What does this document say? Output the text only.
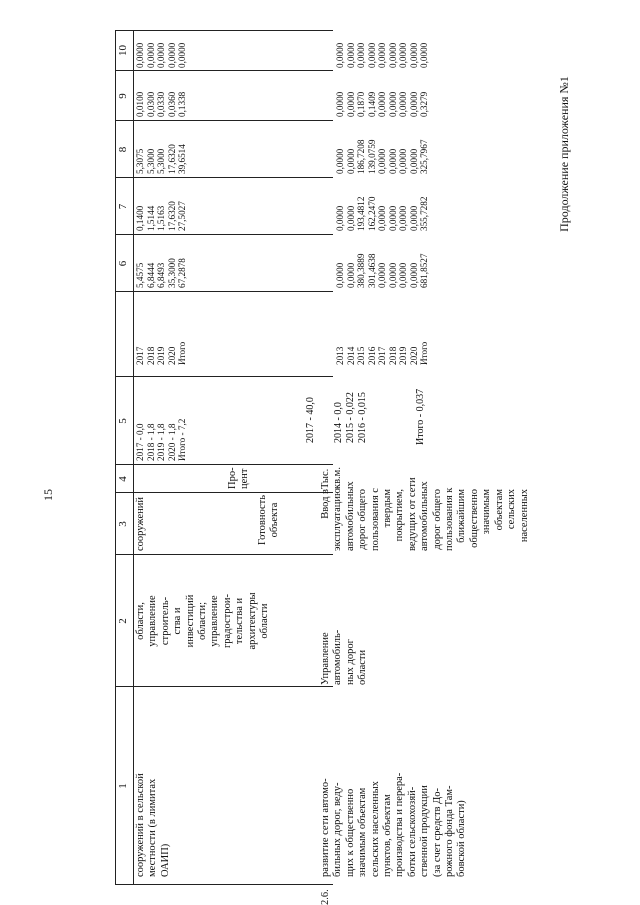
15
Продолжение приложения №1
1
2
3
4
5
6
7
8
9
10
сооружений в сельской
местности (в лимитах
ОАИП)
области,
управление
строитель-
ства и
инвестиций
области;
управление
градострои-
тельства и
архитектуры
области
сооружений
2017 - 0,0
2018 - 1,8
2019 - 1,8
2020 - 1,8
Итого - 7,2
2017
2018
2019
2020
Итого
5,4575
6,8444
6,8493
35,3000
67,2878
0,1400
1,5144
1,5163
17,6320
27,5027
5,3075
5,3000
5,3000
17,6320
39,6514
0,0100
0,0300
0,0330
0,0360
0,1338
0,0000
0,0000
0,0000
0,0000
0,0000
2.6.
развитие сети автомо-
бильных дорог, веду-
щих к общественно
значимым объектам
сельских населенных
пунктов, объектам
производства и перера-
ботки сельскохозяй-
ственной продукции
(за счет средств До-
рожного фонда Там-
бовской области)
Управление
автомобиль-
ных дорог
области
Готовность
объекта
Про-
цент
2017 - 40,0
Ввод в
эксплуатацию
автомобильных
дорог общего
пользования с
твердым
покрытием,
ведущих от сети
автомобильных
дорог общего
пользования к
ближайшим
общественно
значимым
объектам
сельских
населенных
Тыс.
кв.м.
2014 - 0,0
2015 - 0,022
2016 - 0,015	Итого - 0,037
2013
2014
2015
2016
2017
2018
2019
2020
Итого
0,0000
0,0000
380,3889
301,4638
0,0000
0,0000
0,0000
0,0000
681,8527
0,0000
0,0000
193,4812
162,2470
0,0000
0,0000
0,0000
0,0000
355,7282
0,0000
0,0000
186,7208
139,0759
0,0000
0,0000
0,0000
0,0000
325,7967
0,0000
0,0000
0,1870
0,1409
0,0000
0,0000
0,0000
0,0000
0,3279
0,0000
0,0000
0,0000
0,0000
0,0000
0,0000
0,0000
0,0000
0,0000
